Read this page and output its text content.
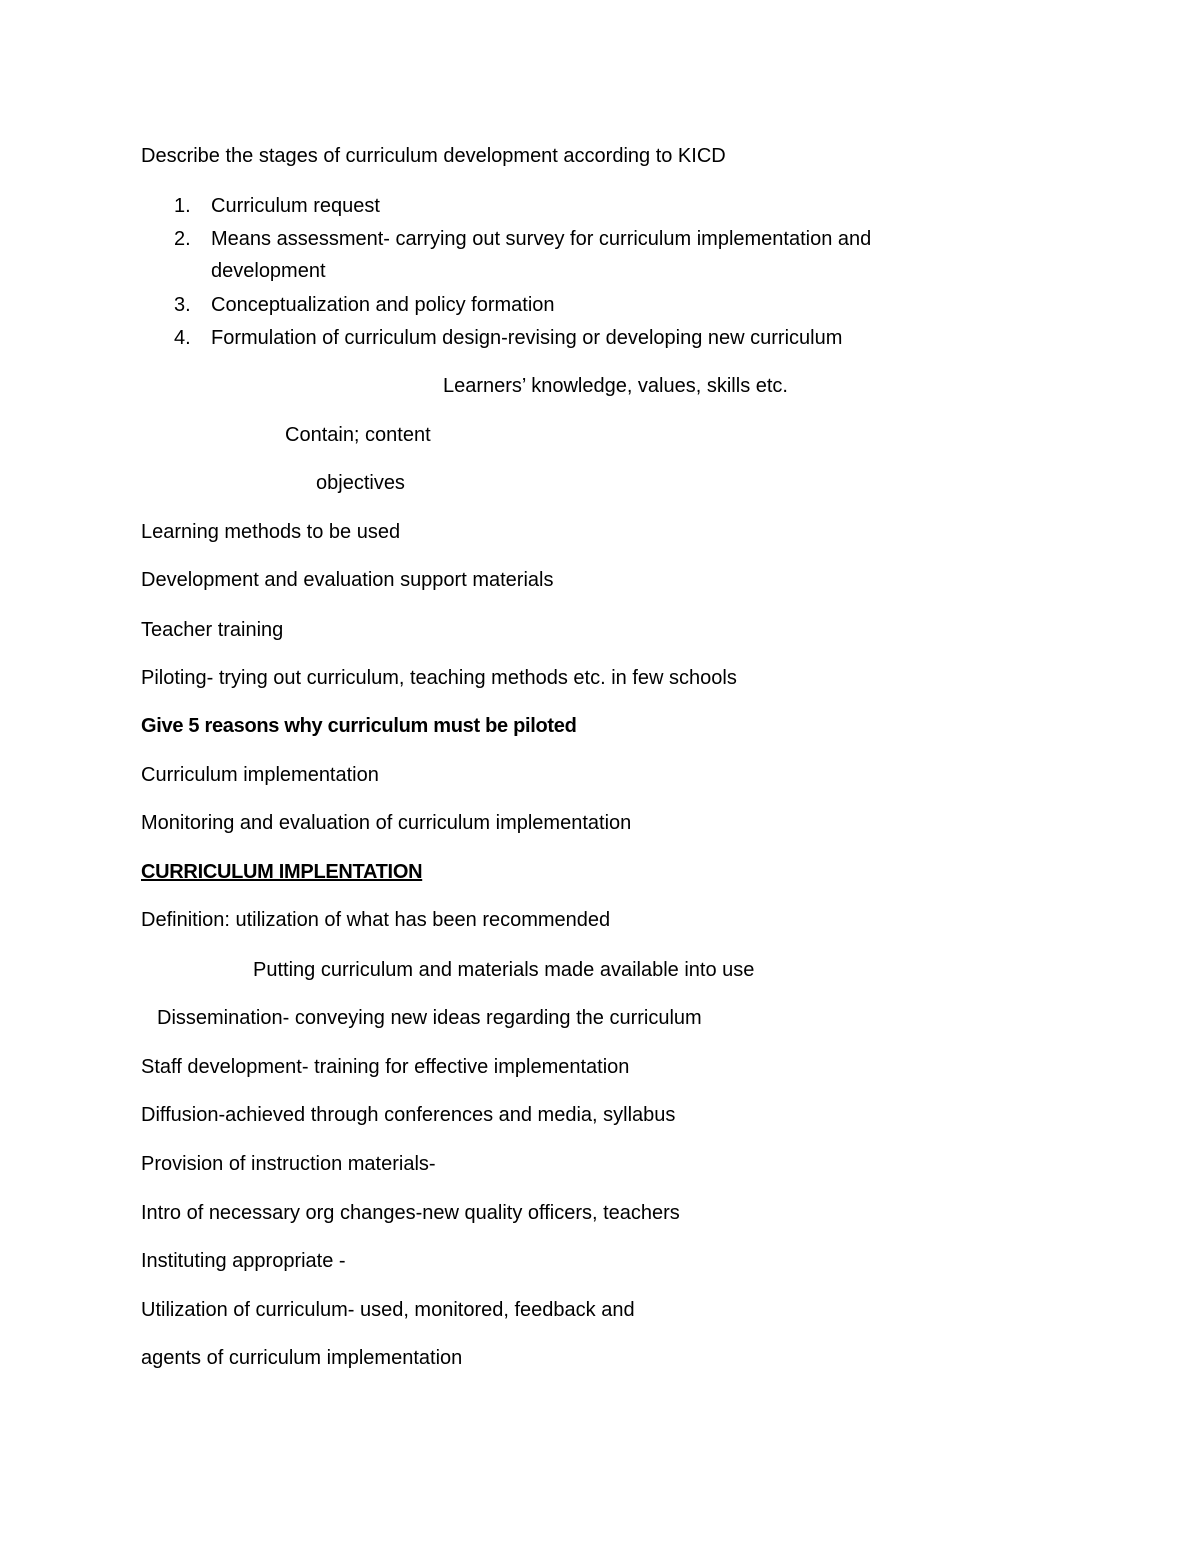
Describe the stages of curriculum development according to KICD
1. Curriculum request
2. Means assessment- carrying out survey for curriculum implementation and
development
3. Conceptualization and policy formation
4. Formulation of curriculum design-revising or developing new curriculum
Learners’ knowledge, values, skills etc.
Contain; content
objectives
Learning methods to be used
Development and evaluation support materials
Teacher training
Piloting- trying out curriculum, teaching methods etc. in few schools
Give 5 reasons why curriculum must be piloted
Curriculum implementation
Monitoring and evaluation of curriculum implementation
CURRICULUM IMPLENTATION
Definition: utilization of what has been recommended
Putting curriculum and materials made available into use
Dissemination- conveying new ideas regarding the curriculum
Staff development- training for effective implementation
Diffusion-achieved through conferences and media, syllabus
Provision of instruction materials-
Intro of necessary org changes-new quality officers, teachers
Instituting appropriate -
Utilization of curriculum- used, monitored, feedback and
agents of curriculum implementation
